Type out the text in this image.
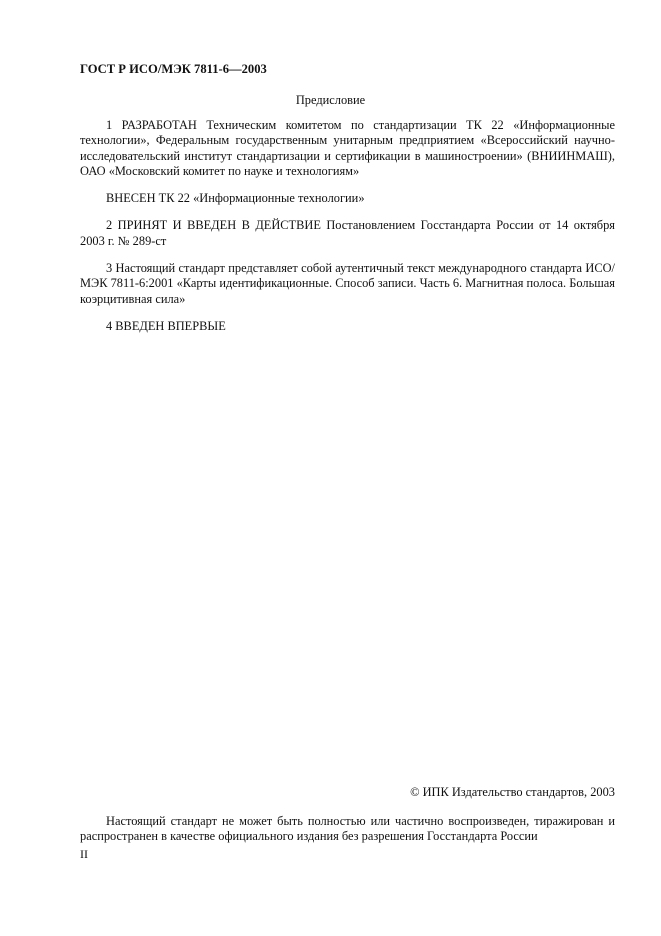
ГОСТ Р ИСО/МЭК 7811-6—2003
Предисловие

1 РАЗРАБОТАН Техническим комитетом по стандартизации ТК 22 «Информационные технологии», Федеральным государственным унитарным предприятием «Всероссийский научно-исследовательский институт стандартизации и сертификации в машиностроении» (ВНИИНМАШ), ОАО «Московский комитет по науке и технологиям»

ВНЕСЕН ТК 22 «Информационные технологии»

2 ПРИНЯТ И ВВЕДЕН В ДЕЙСТВИЕ Постановлением Госстандарта России от 14 октября 2003 г. № 289-ст

3 Настоящий стандарт представляет собой аутентичный текст международного стандарта ИСО/МЭК 7811-6:2001 «Карты идентификационные. Способ записи. Часть 6. Магнитная полоса. Большая коэрцитивная сила»

4 ВВЕДЕН ВПЕРВЫЕ

© ИПК Издательство стандартов, 2003

Настоящий стандарт не может быть полностью или частично воспроизведен, тиражирован и распространен в качестве официального издания без разрешения Госстандарта России

II
